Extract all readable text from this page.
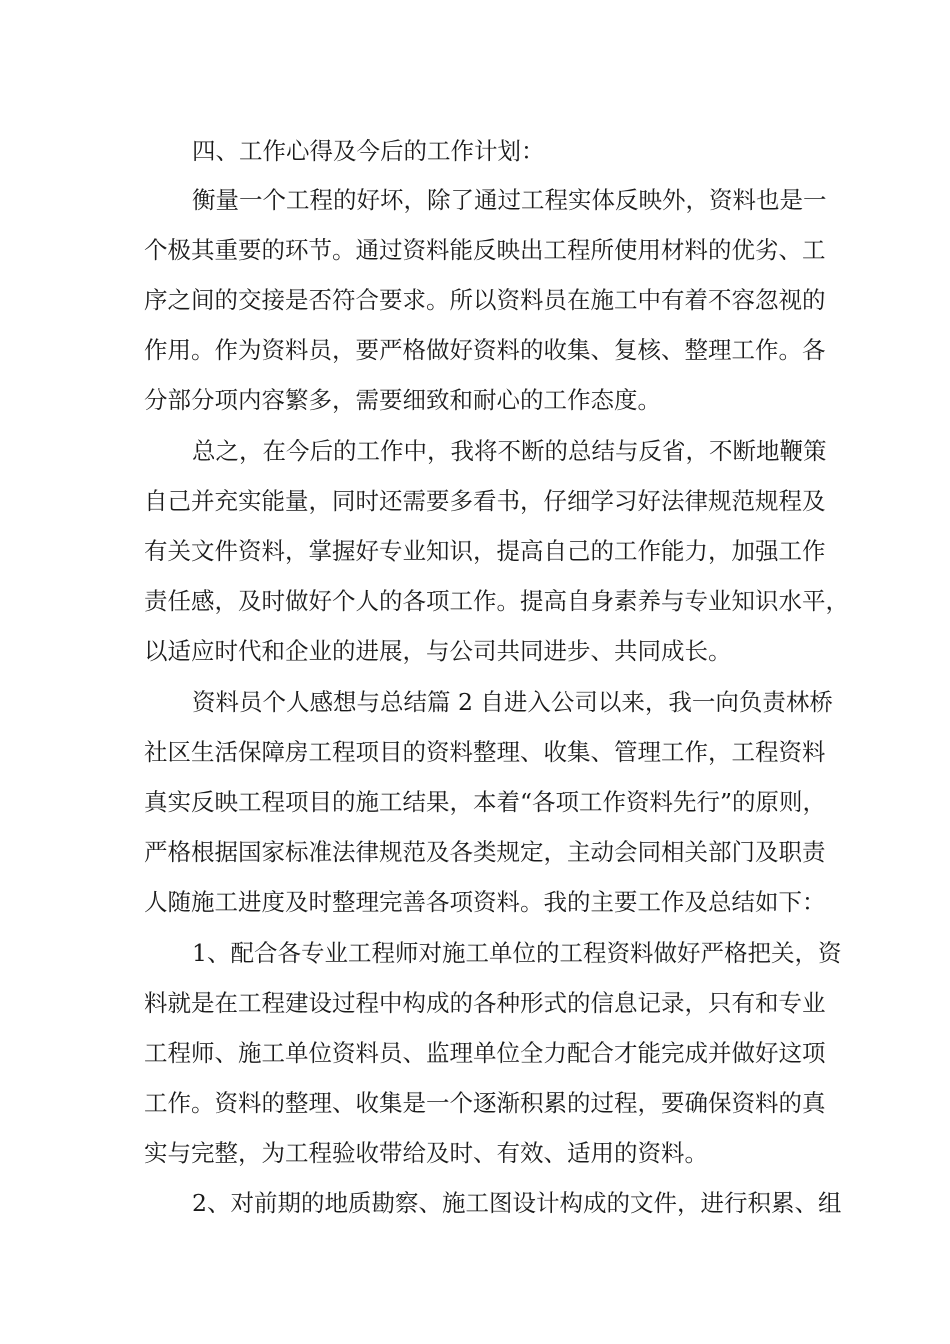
四、工作心得及今后的工作计划：

衡量一个工程的好坏，除了通过工程实体反映外，资料也是一

个极其重要的环节。通过资料能反映出工程所使用材料的优劣、工

序之间的交接是否符合要求。所以资料员在施工中有着不容忽视的

作用。作为资料员，要严格做好资料的收集、复核、整理工作。各

分部分项内容繁多，需要细致和耐心的工作态度。

总之，在今后的工作中，我将不断的总结与反省，不断地鞭策

自己并充实能量，同时还需要多看书，仔细学习好法律规范规程及

有关文件资料，掌握好专业知识，提高自己的工作能力，加强工作

责任感，及时做好个人的各项工作。提高自身素养与专业知识水平，

以适应时代和企业的进展，与公司共同进步、共同成长。

资料员个人感想与总结篇 2 自进入公司以来，我一向负责林桥

社区生活保障房工程项目的资料整理、收集、管理工作，工程资料

真实反映工程项目的施工结果，本着“各项工作资料先行”的原则，

严格根据国家标准法律规范及各类规定，主动会同相关部门及职责

人随施工进度及时整理完善各项资料。我的主要工作及总结如下：

1、配合各专业工程师对施工单位的工程资料做好严格把关，资

料就是在工程建设过程中构成的各种形式的信息记录，只有和专业

工程师、施工单位资料员、监理单位全力配合才能完成并做好这项

工作。资料的整理、收集是一个逐渐积累的过程，要确保资料的真

实与完整，为工程验收带给及时、有效、适用的资料。

2、对前期的地质勘察、施工图设计构成的文件，进行积累、组
